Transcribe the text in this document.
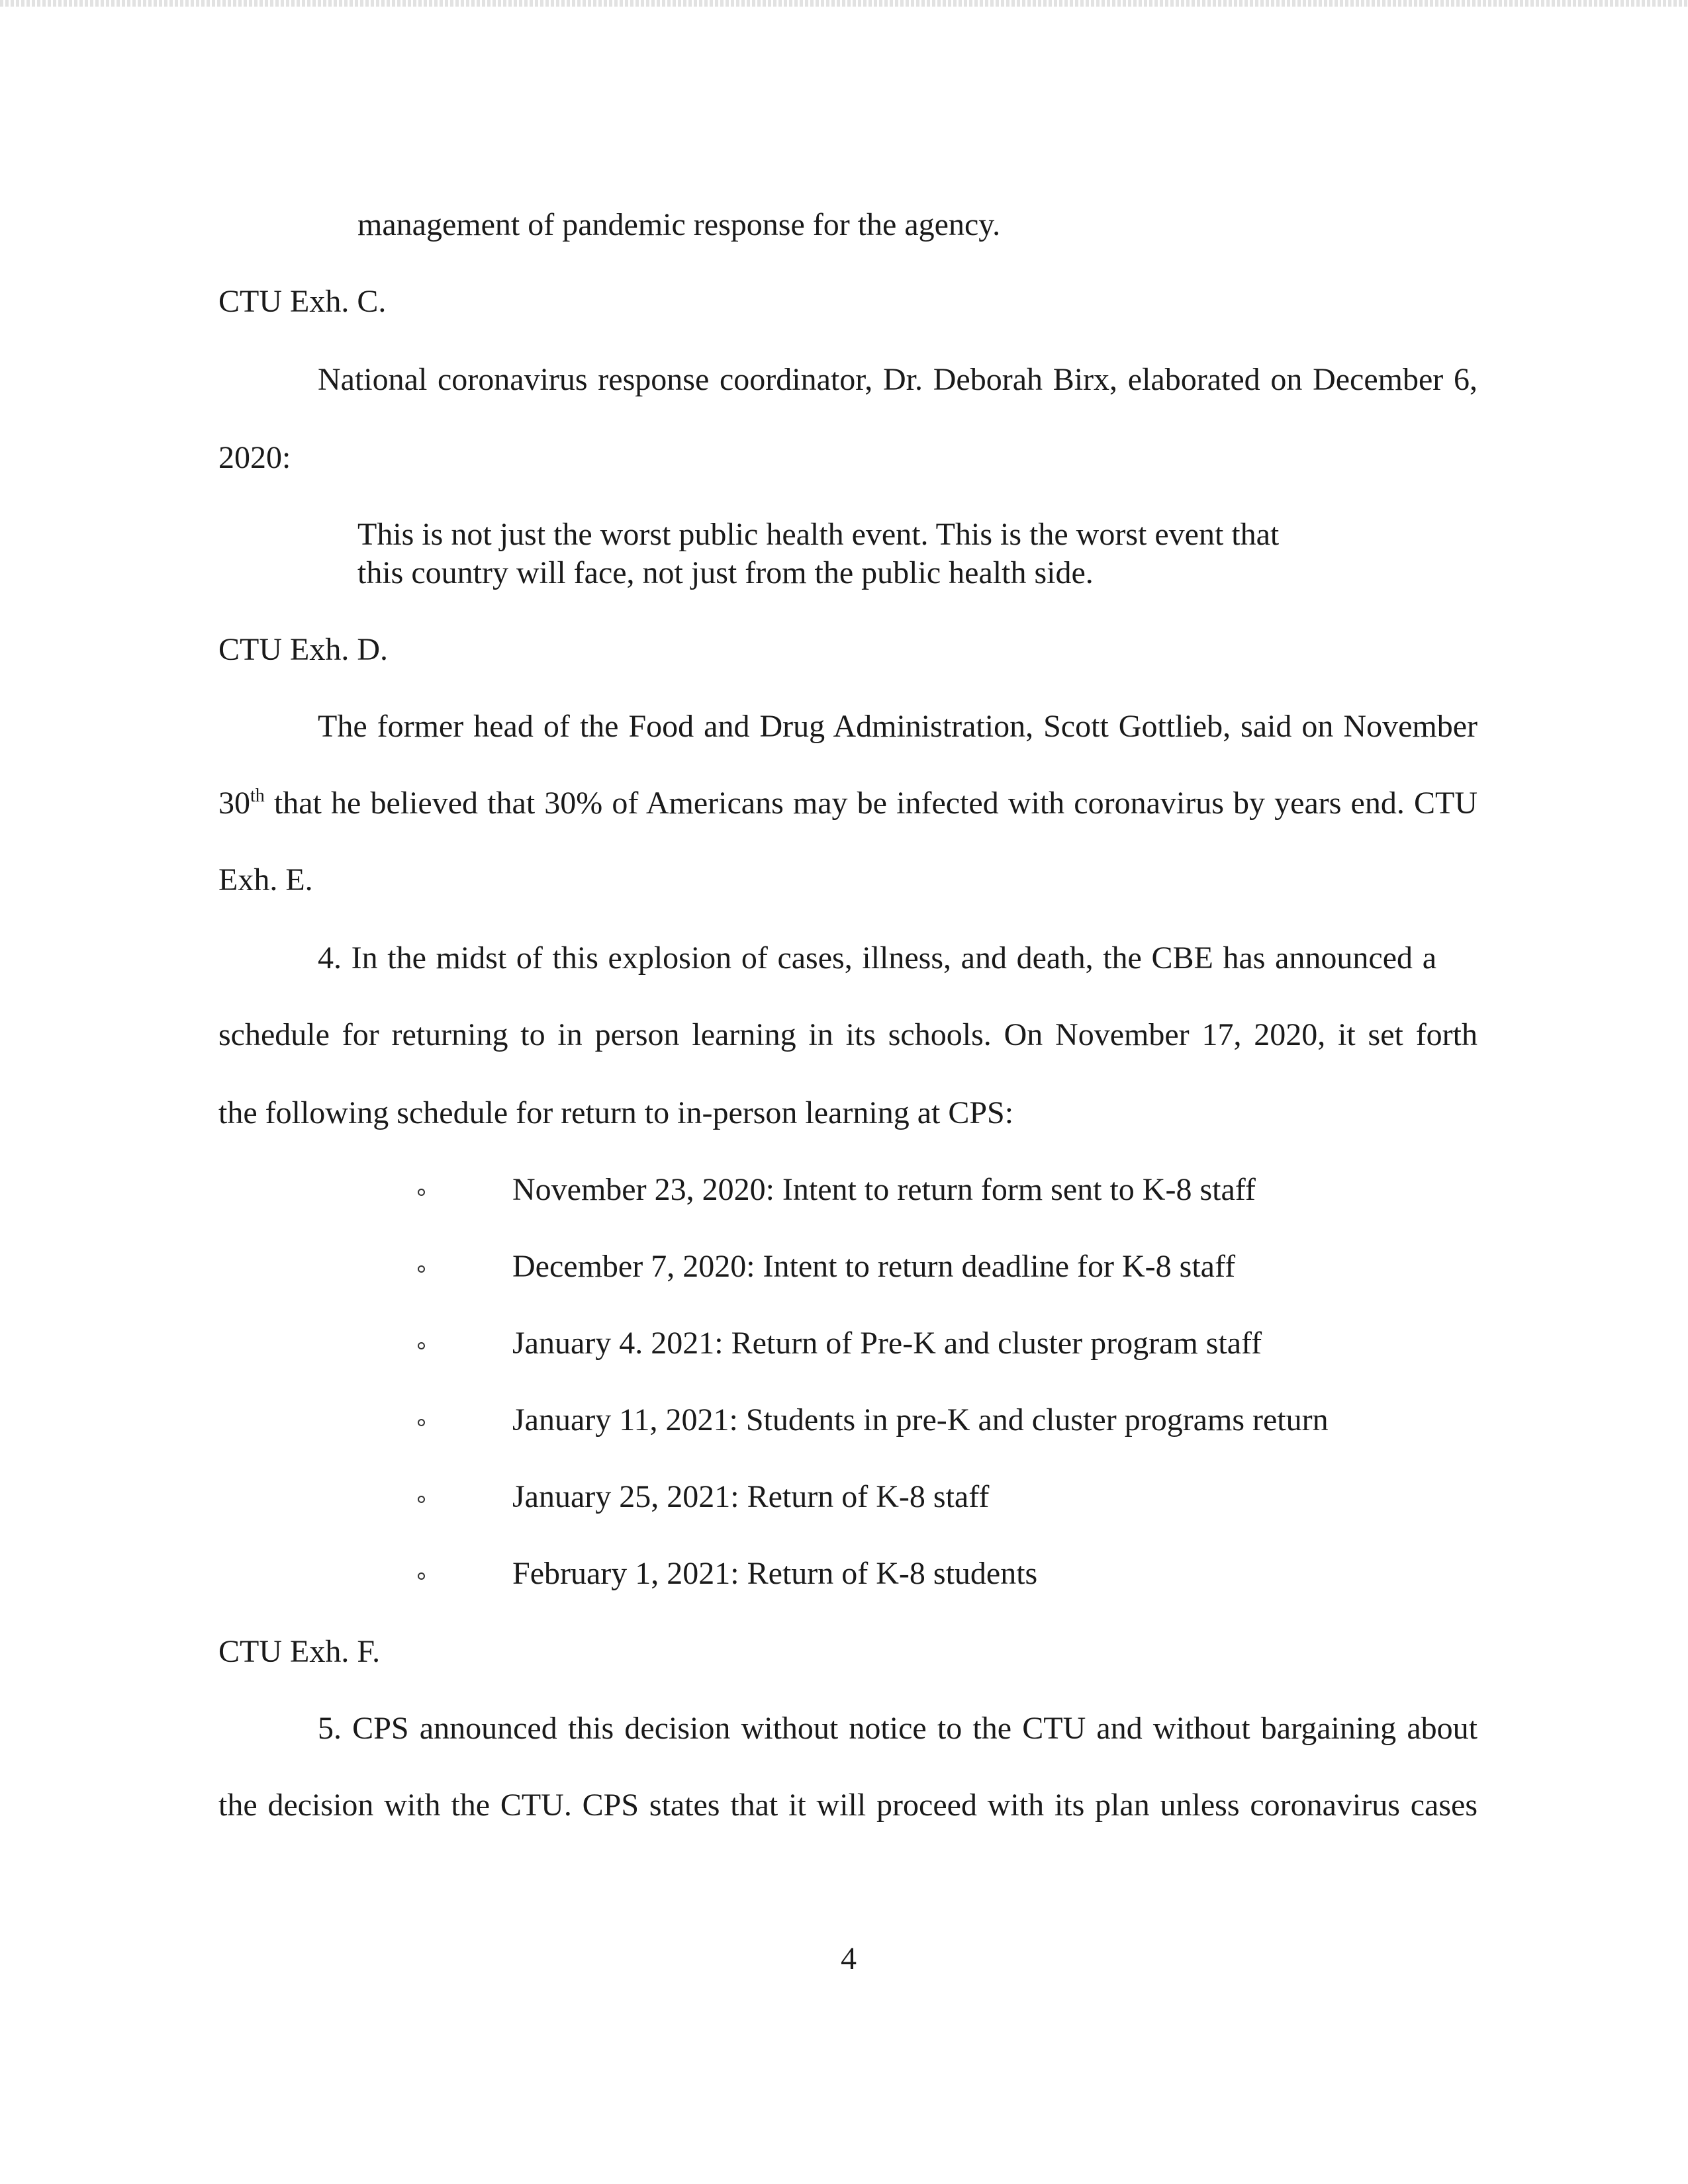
management of pandemic response for the agency.
CTU Exh. C.
National coronavirus response coordinator, Dr. Deborah Birx, elaborated on December 6,
2020:
This is not just the worst public health event. This is the worst event that
this country will face, not just from the public health side.
CTU Exh. D.
The former head of the Food and Drug Administration, Scott Gottlieb, said on November
30th that he believed that 30% of Americans may be infected with coronavirus by years end. CTU
Exh. E.
4. In the midst of this explosion of cases, illness, and death, the CBE has announced a
schedule for returning to in person learning in its schools. On November 17, 2020, it set forth
the following schedule for return to in-person learning at CPS:
November 23, 2020: Intent to return form sent to K-8 staff
December 7, 2020: Intent to return deadline for K-8 staff
January 4. 2021: Return of Pre-K and cluster program staff
January 11, 2021: Students in pre-K and cluster programs return
January 25, 2021: Return of K-8 staff
February 1, 2021: Return of K-8 students
CTU Exh. F.
5. CPS announced this decision without notice to the CTU and without bargaining about
the decision with the CTU. CPS states that it will proceed with its plan unless coronavirus cases
4
